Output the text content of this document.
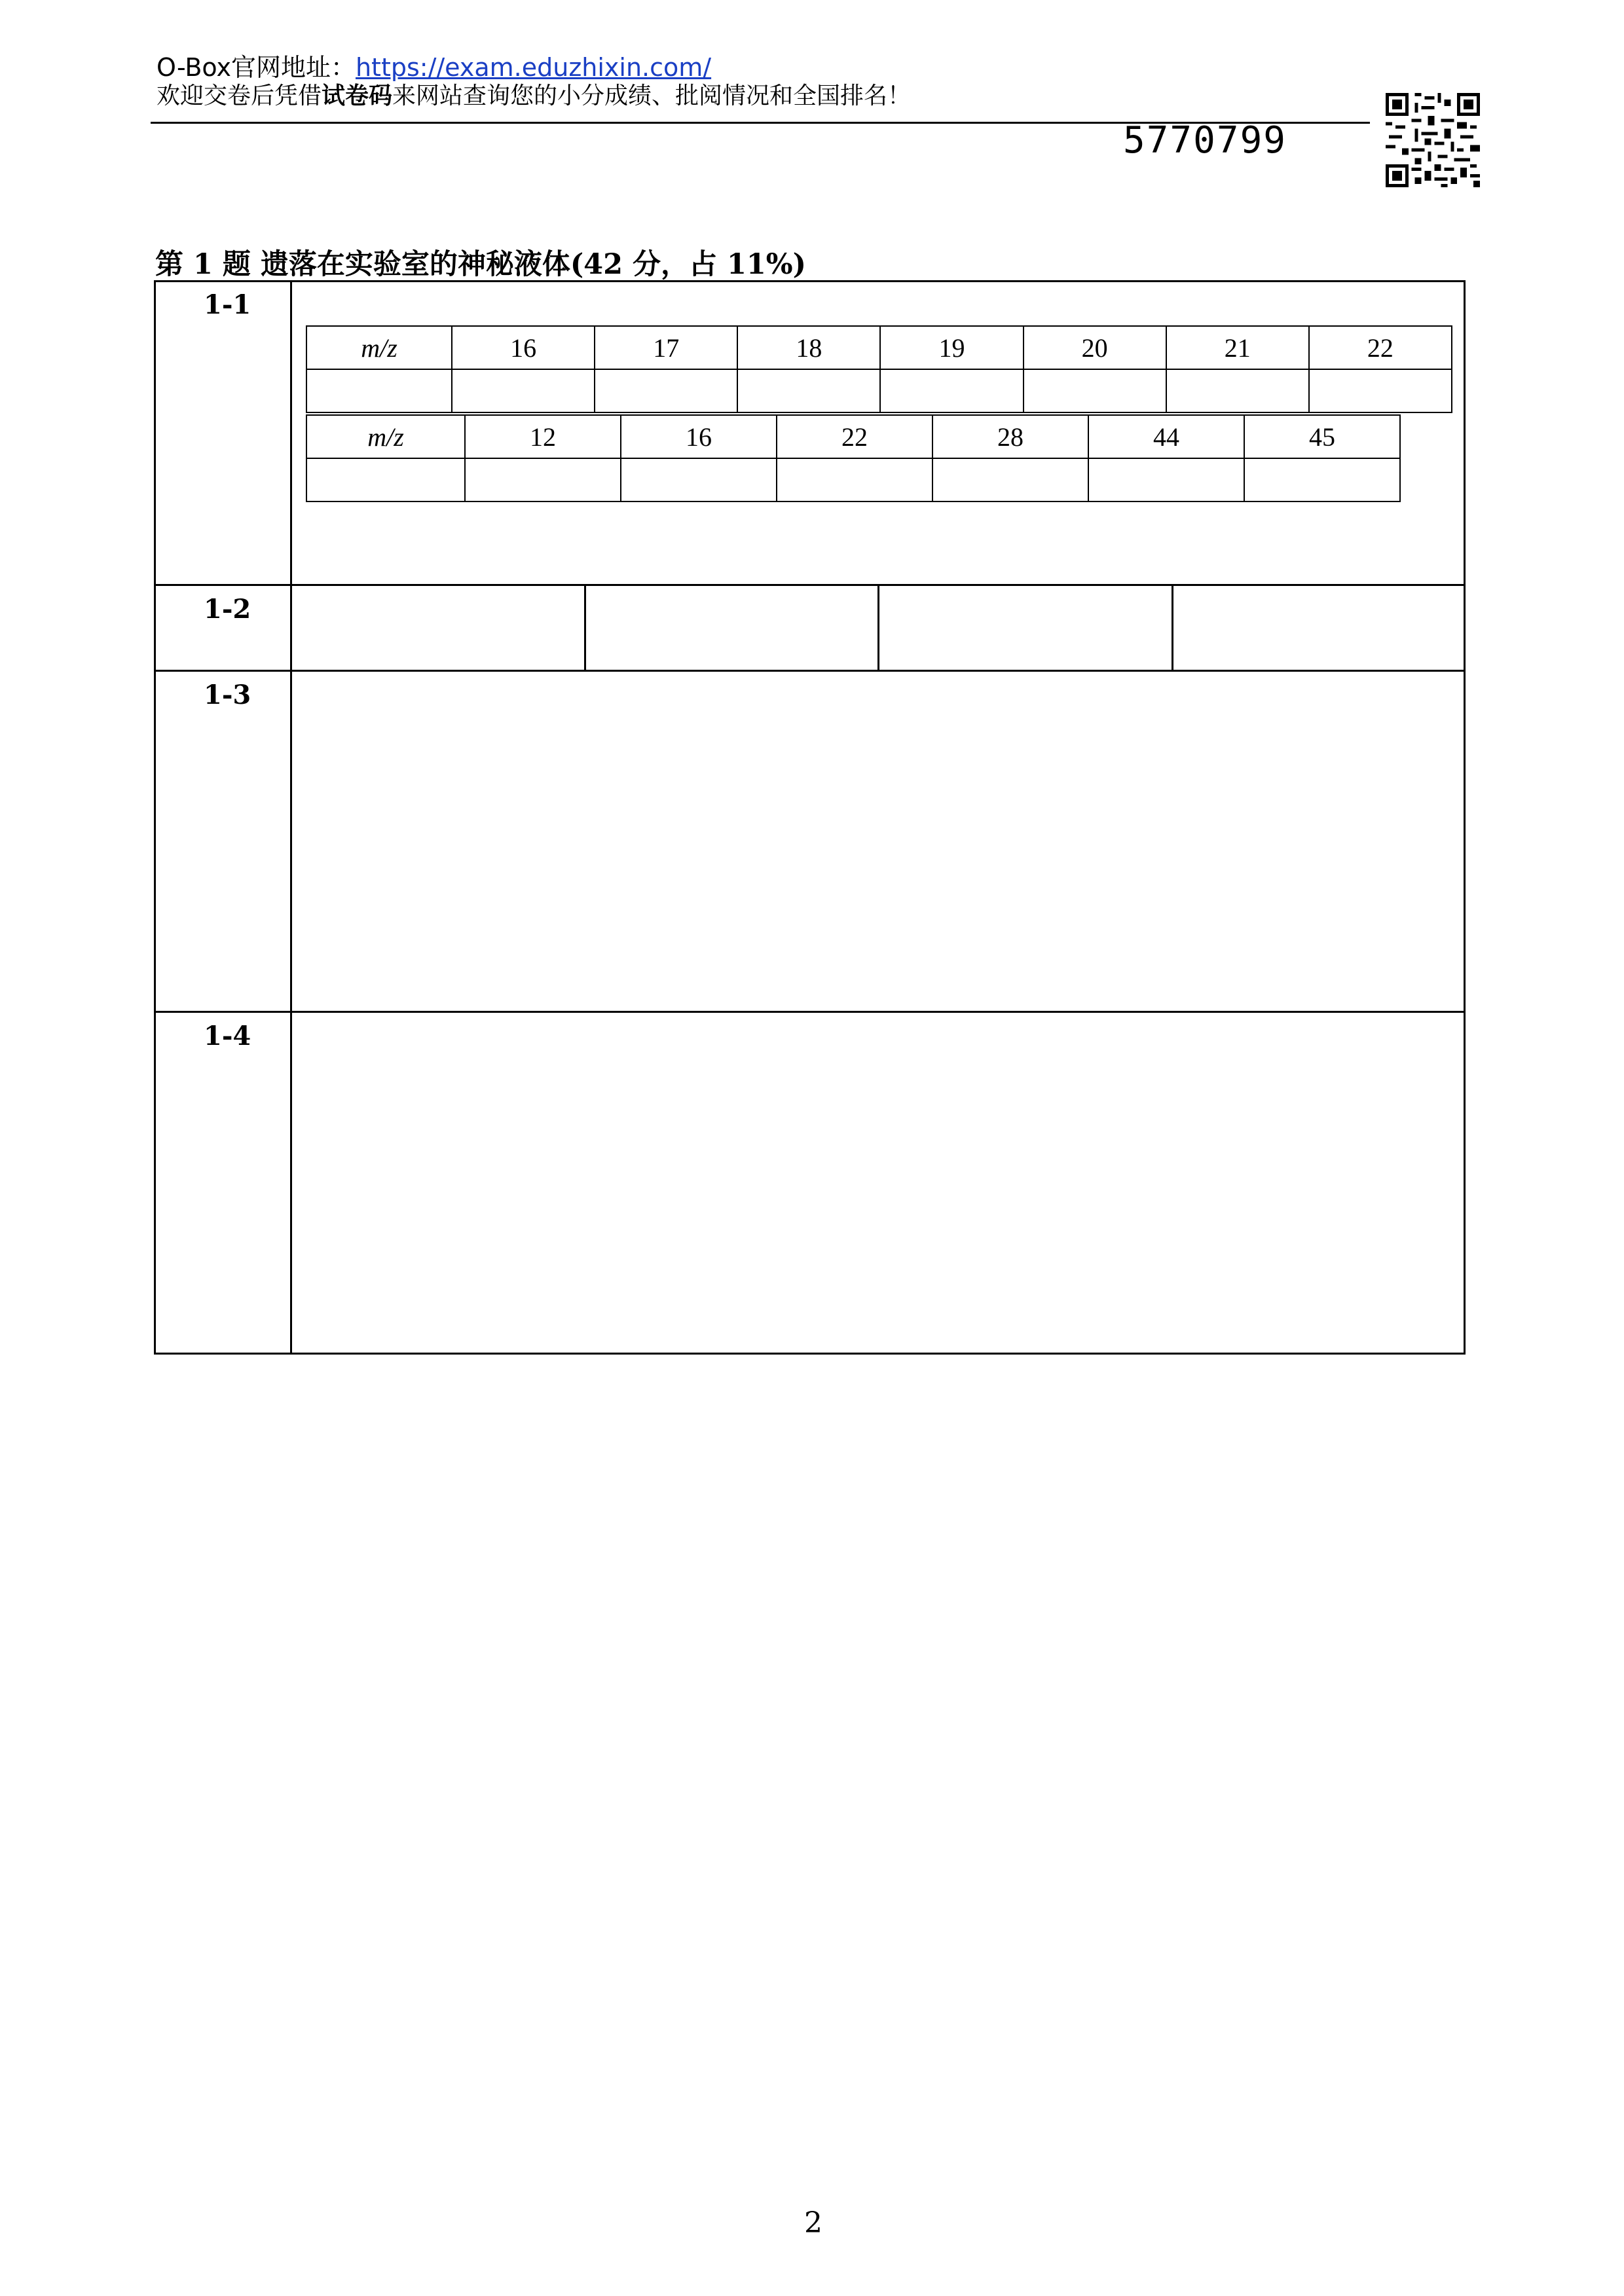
O-Box官网地址：https://exam.eduzhixin.com/
欢迎交卷后凭借试卷码来网站查询您的小分成绩、批阅情况和全国排名！
5770799
第 1 题 遗落在实验室的神秘液体(42 分，占 11%)
1-1
m/z	16	17	18	19	20	21	22

m/z	12	16	22	28	44	45

1-2
1-3
1-4
2
